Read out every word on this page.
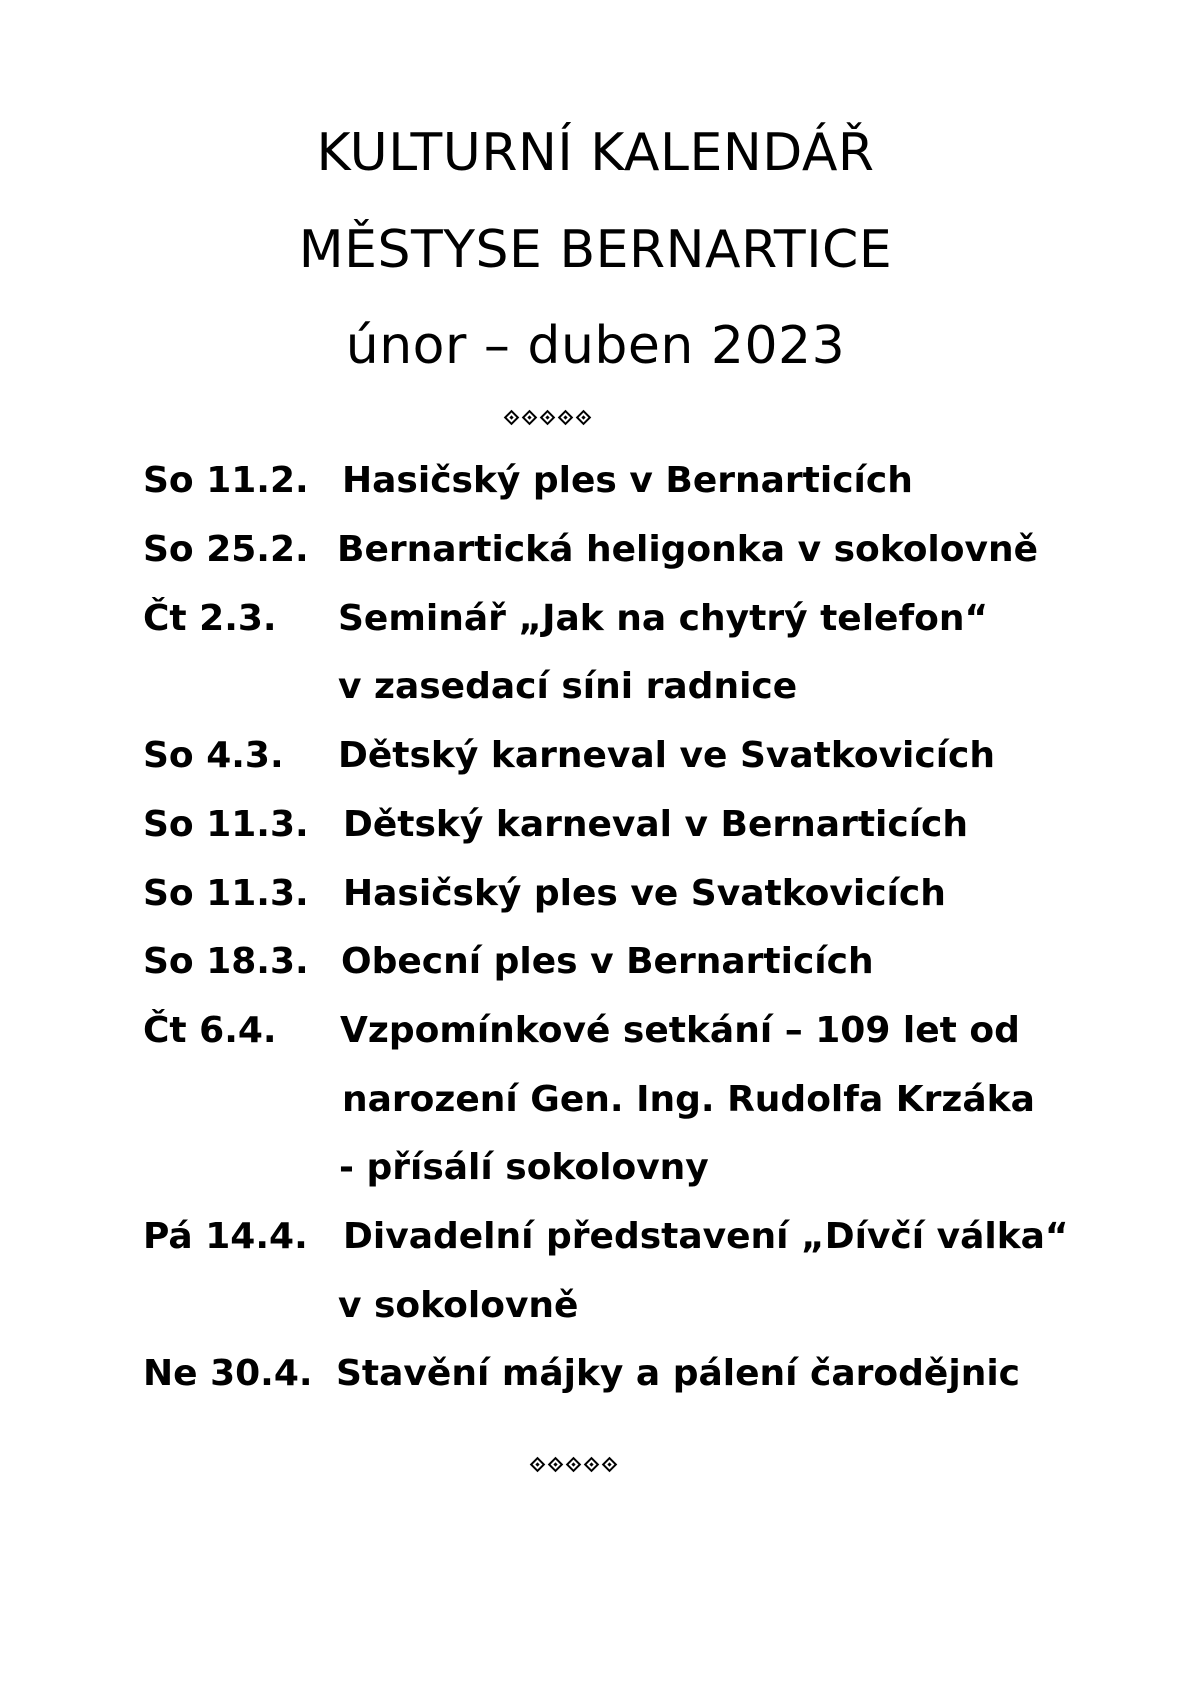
KULTURNÍ KALENDÁŘ
MĚSTYSE BERNARTICE
únor – duben 2023
So 11.2. Hasičský ples v Bernarticích
So 25.2. Bernartická heligonka v sokolovně
Čt 2.3. Seminář „Jak na chytrý telefon“
v zasedací síni radnice
So 4.3. Dětský karneval ve Svatkovicích
So 11.3. Dětský karneval v Bernarticích
So 11.3. Hasičský ples ve Svatkovicích
So 18.3. Obecní ples v Bernarticích
Čt 6.4. Vzpomínkové setkání – 109 let od
narození Gen. Ing. Rudolfa Krzáka
- přísálí sokolovny
Pá 14.4. Divadelní představení „Dívčí válka“
v sokolovně
Ne 30.4. Stavění májky a pálení čarodějnic
